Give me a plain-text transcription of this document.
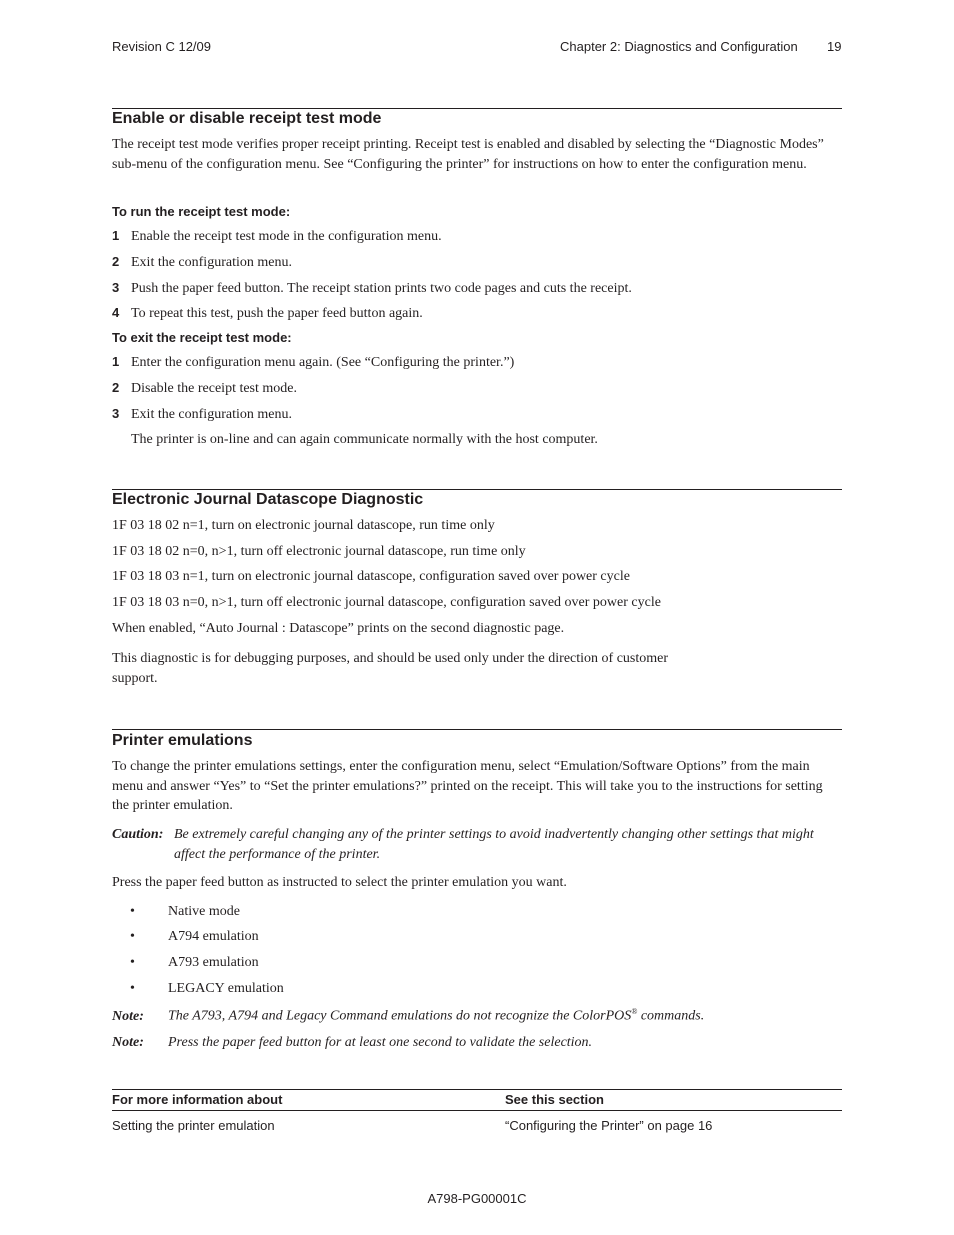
Revision C 12/09	Chapter 2: Diagnostics and Configuration 19
Enable or disable receipt test mode

The receipt test mode verifies proper receipt printing. Receipt test is enabled and disabled by selecting the “Diagnostic Modes” sub-menu of the configuration menu. See “Configuring the printer” for instructions on how to enter the configuration menu.

To run the receipt test mode:
1 Enable the receipt test mode in the configuration menu.
2 Exit the configuration menu.
3 Push the paper feed button. The receipt station prints two code pages and cuts the receipt.
4 To repeat this test, push the paper feed button again.
To exit the receipt test mode:
1 Enter the configuration menu again. (See “Configuring the printer.”)
2 Disable the receipt test mode.
3 Exit the configuration menu.
The printer is on-line and can again communicate normally with the host computer.
Electronic Journal Datascope Diagnostic
1F 03 18 02 n=1, turn on electronic journal datascope, run time only
1F 03 18 02 n=0, n>1, turn off electronic journal datascope, run time only
1F 03 18 03 n=1, turn on electronic journal datascope, configuration saved over power cycle
1F 03 18 03 n=0, n>1, turn off electronic journal datascope, configuration saved over power cycle
When enabled, “Auto Journal : Datascope” prints on the second diagnostic page.

This diagnostic is for debugging purposes, and should be used only under the direction of customer support.

Printer emulations

To change the printer emulations settings, enter the configuration menu, select “Emulation/Software Options” from the main menu and answer “Yes” to “Set the printer emulations?” printed on the receipt. This will take you to the instructions for setting the printer emulation.

Caution: Be extremely careful changing any of the printer settings to avoid inadvertently changing other settings that might affect the performance of the printer.
Press the paper feed button as instructed to select the printer emulation you want.
• Native mode
• A794 emulation
• A793 emulation
• LEGACY emulation
Note: The A793, A794 and Legacy Command emulations do not recognize the ColorPOS® commands.
Note: Press the paper feed button for at least one second to validate the selection.
For more information about	See this section
Setting the printer emulation	“Configuring the Printer” on page 16
A798-PG00001C
